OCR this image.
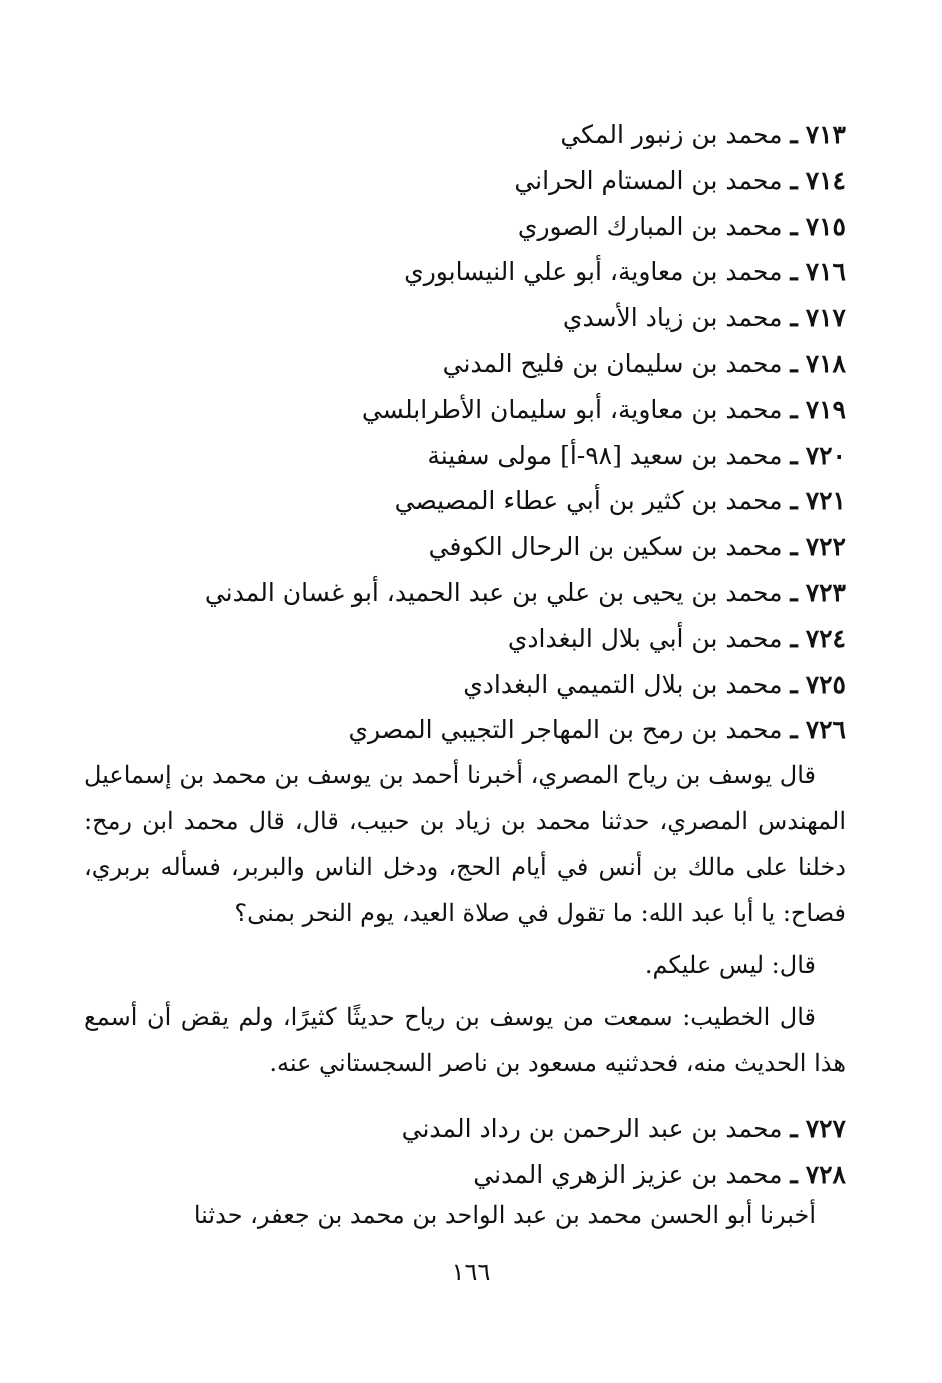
٧١٣ ـ محمد بن زنبور المكي
٧١٤ ـ محمد بن المستام الحراني
٧١٥ ـ محمد بن المبارك الصوري
٧١٦ ـ محمد بن معاوية، أبو علي النيسابوري
٧١٧ ـ محمد بن زياد الأسدي
٧١٨ ـ محمد بن سليمان بن فليح المدني
٧١٩ ـ محمد بن معاوية، أبو سليمان الأطرابلسي
٧٢٠ ـ محمد بن سعيد [٩٨-أ] مولى سفينة
٧٢١ ـ محمد بن كثير بن أبي عطاء المصيصي
٧٢٢ ـ محمد بن سكين بن الرحال الكوفي
٧٢٣ ـ محمد بن يحيى بن علي بن عبد الحميد، أبو غسان المدني
٧٢٤ ـ محمد بن أبي بلال البغدادي
٧٢٥ ـ محمد بن بلال التميمي البغدادي
٧٢٦ ـ محمد بن رمح بن المهاجر التجيبي المصري
قال يوسف بن رياح المصري، أخبرنا أحمد بن يوسف بن محمد بن إسماعيل المهندس المصري، حدثنا محمد بن زياد بن حبيب، قال، قال محمد ابن رمح: دخلنا على مالك بن أنس في أيام الحج، ودخل الناس والبربر، فسأله بربري، فصاح: يا أبا عبد الله: ما تقول في صلاة العيد، يوم النحر بمنى؟
قال: ليس عليكم.
قال الخطيب: سمعت من يوسف بن رياح حديثًا كثيرًا، ولم يقض أن أسمع هذا الحديث منه، فحدثنيه مسعود بن ناصر السجستاني عنه.
٧٢٧ ـ محمد بن عبد الرحمن بن رداد المدني
٧٢٨ ـ محمد بن عزيز الزهري المدني
أخبرنا أبو الحسن محمد بن عبد الواحد بن محمد بن جعفر، حدثنا
١٦٦
